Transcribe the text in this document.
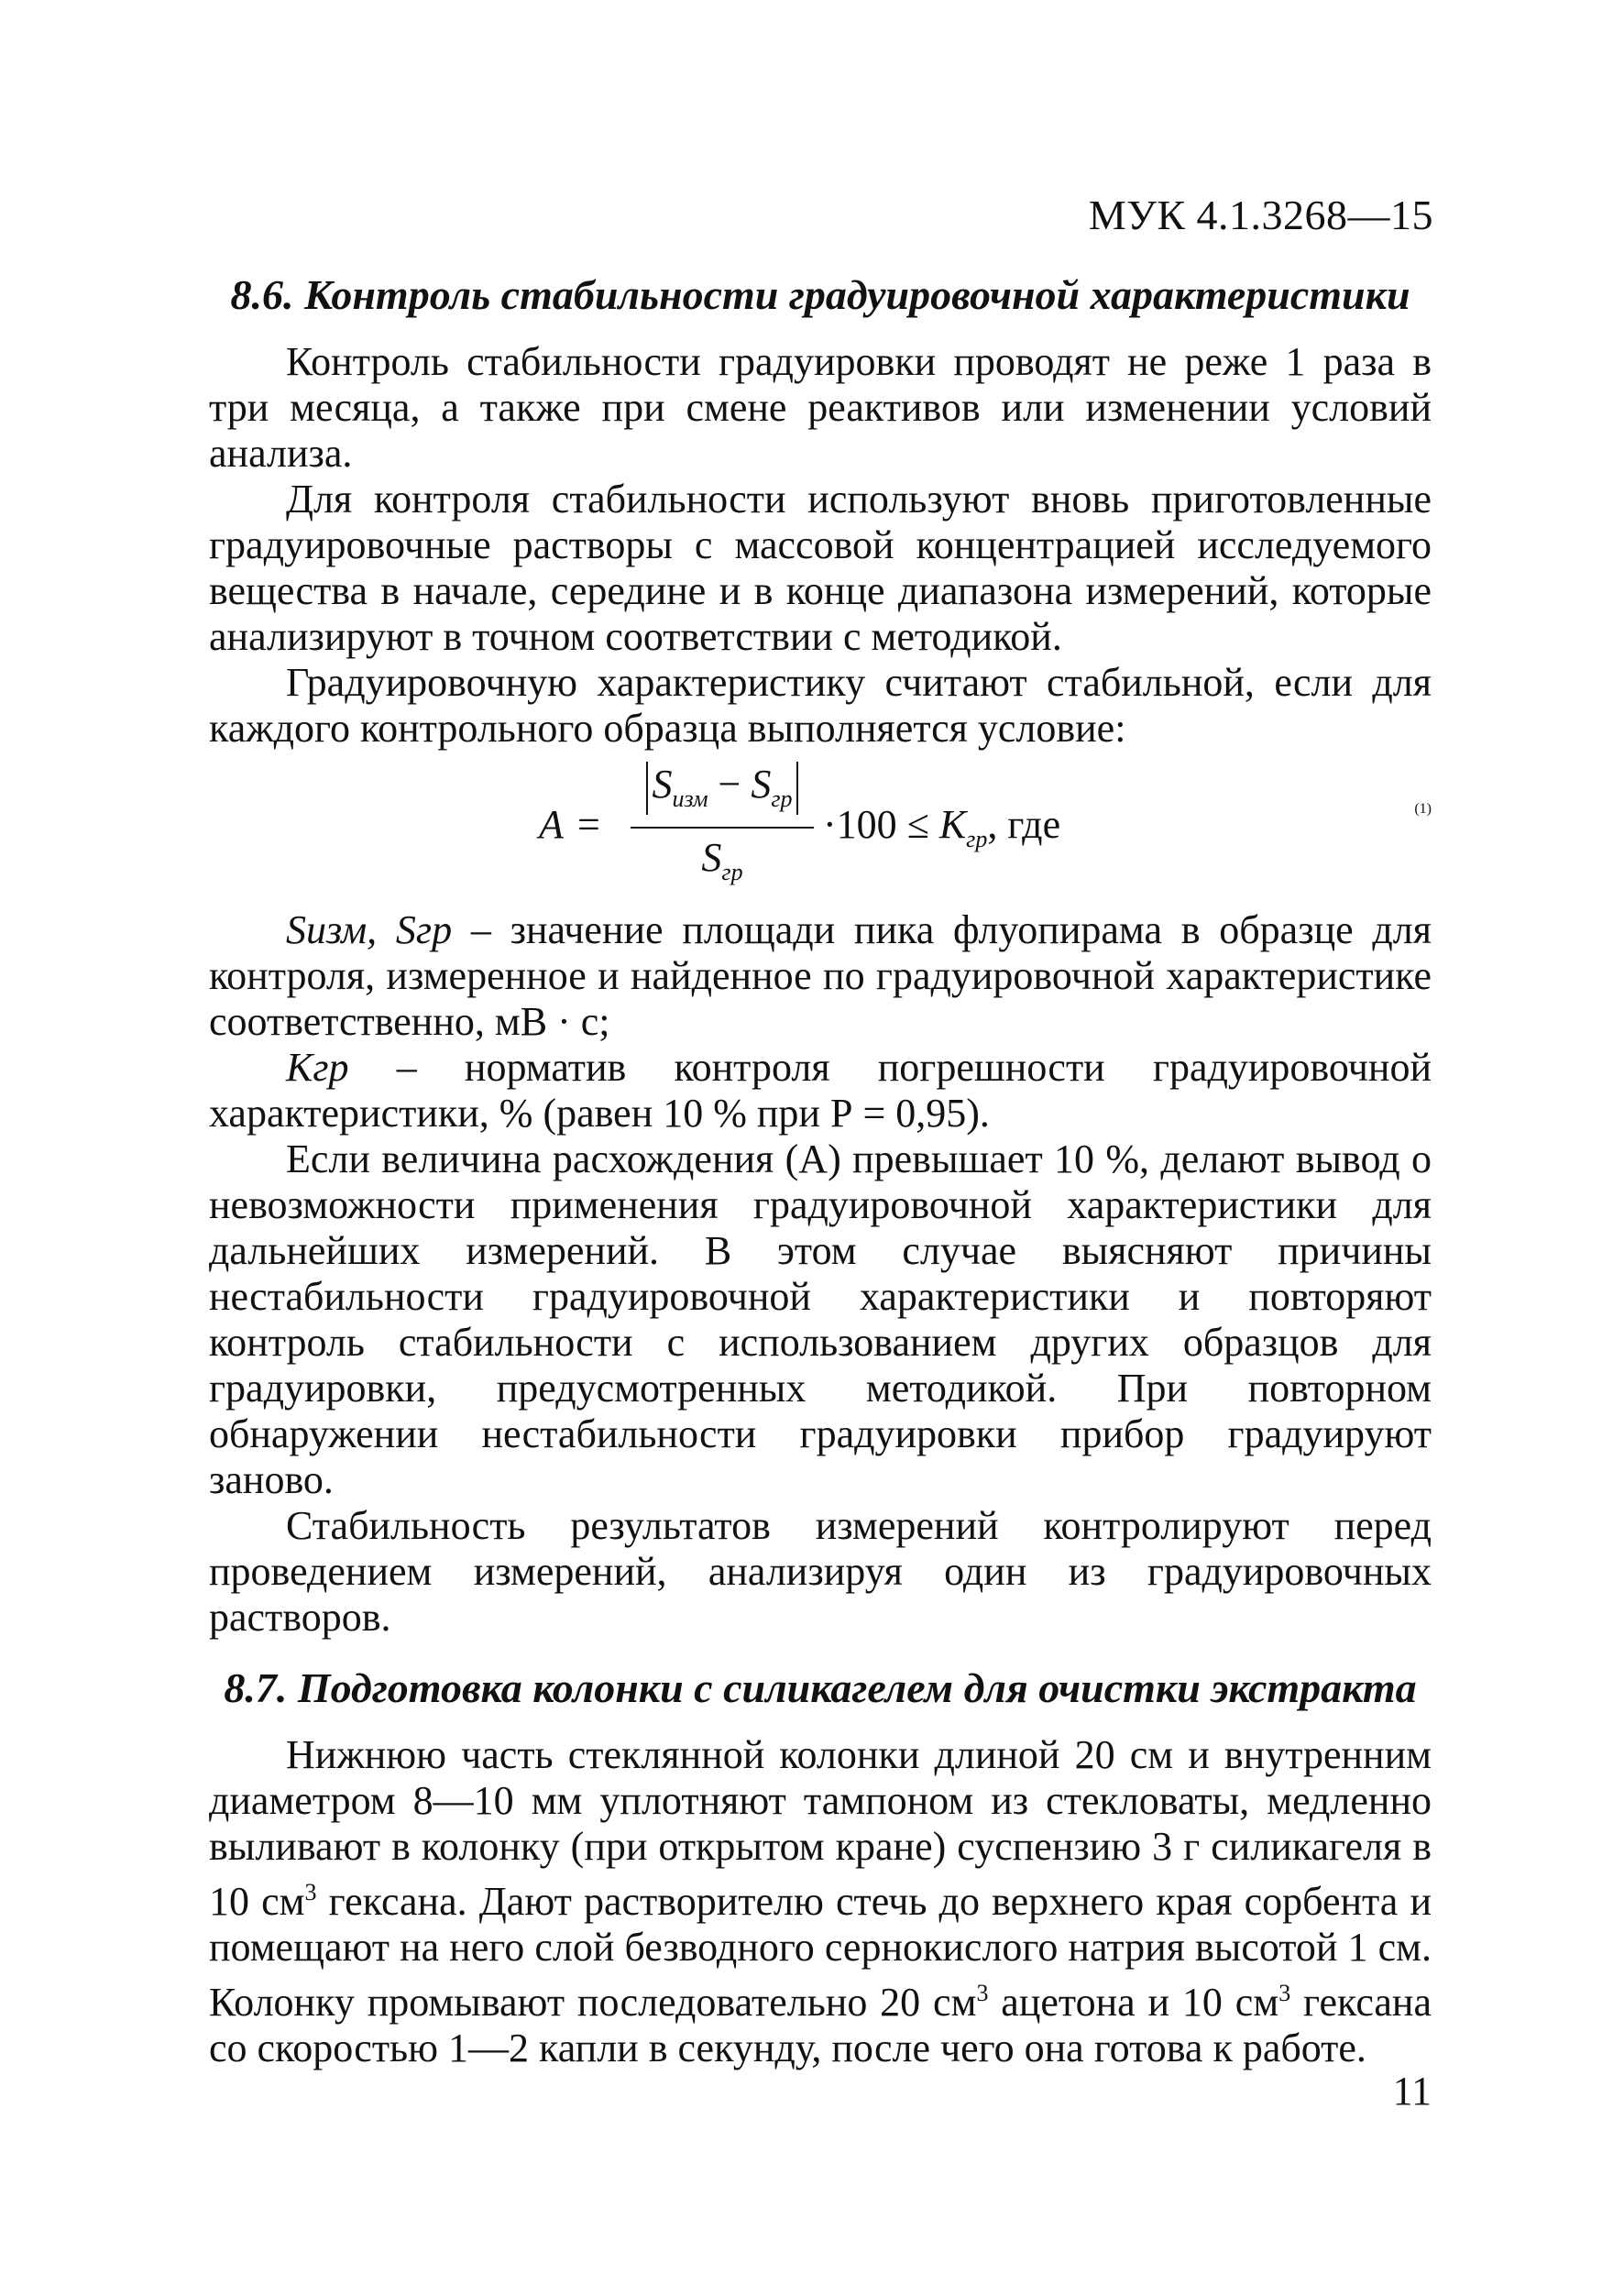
МУК 4.1.3268—15
8.6. Контроль стабильности градуировочной характеристики

Контроль стабильности градуировки проводят не реже 1 раза в три месяца, а также при смене реактивов или изменении условий анализа.

Для контроля стабильности используют вновь приготовленные градуировочные растворы с массовой концентрацией исследуемого вещества в начале, середине и в конце диапазона измерений, которые анализируют в точном соответствии с методикой.

Градуировочную характеристику считают стабильной, если для каждого контрольного образца выполняется условие:

A =
$S_{изм} - S_{гр}$
$S_{гр}$
$\cdot 100 \le K_{гр}$, где	(1)

Sизм, Sгр – значение площади пика флуопирама в образце для контроля, измеренное и найденное по градуировочной характеристике соответственно, мВ · с;

Kгр – норматив контроля погрешности градуировочной характеристики, % (равен 10 % при Р = 0,95).

Если величина расхождения (A) превышает 10 %, делают вывод о невозможности применения градуировочной характеристики для дальнейших измерений. В этом случае выясняют причины нестабильности градуировочной характеристики и повторяют контроль стабильности с использованием других образцов для градуировки, предусмотренных методикой. При повторном обнаружении нестабильности градуировки прибор градуируют заново.

Стабильность результатов измерений контролируют перед проведением измерений, анализируя один из градуировочных растворов.

8.7. Подготовка колонки с силикагелем для очистки экстракта

Нижнюю часть стеклянной колонки длиной 20 см и внутренним диаметром 8—10 мм уплотняют тампоном из стекловаты, медленно выливают в колонку (при открытом кране) суспензию 3 г силикагеля в 10 $см^3$ гексана. Дают растворителю стечь до верхнего края сорбента и помещают на него слой безводного сернокислого натрия высотой 1 см. Колонку промывают последовательно 20 $см^3$ ацетона и 10 $см^3$ гексана со скоростью 1—2 капли в секунду, после чего она готова к работе.

11
